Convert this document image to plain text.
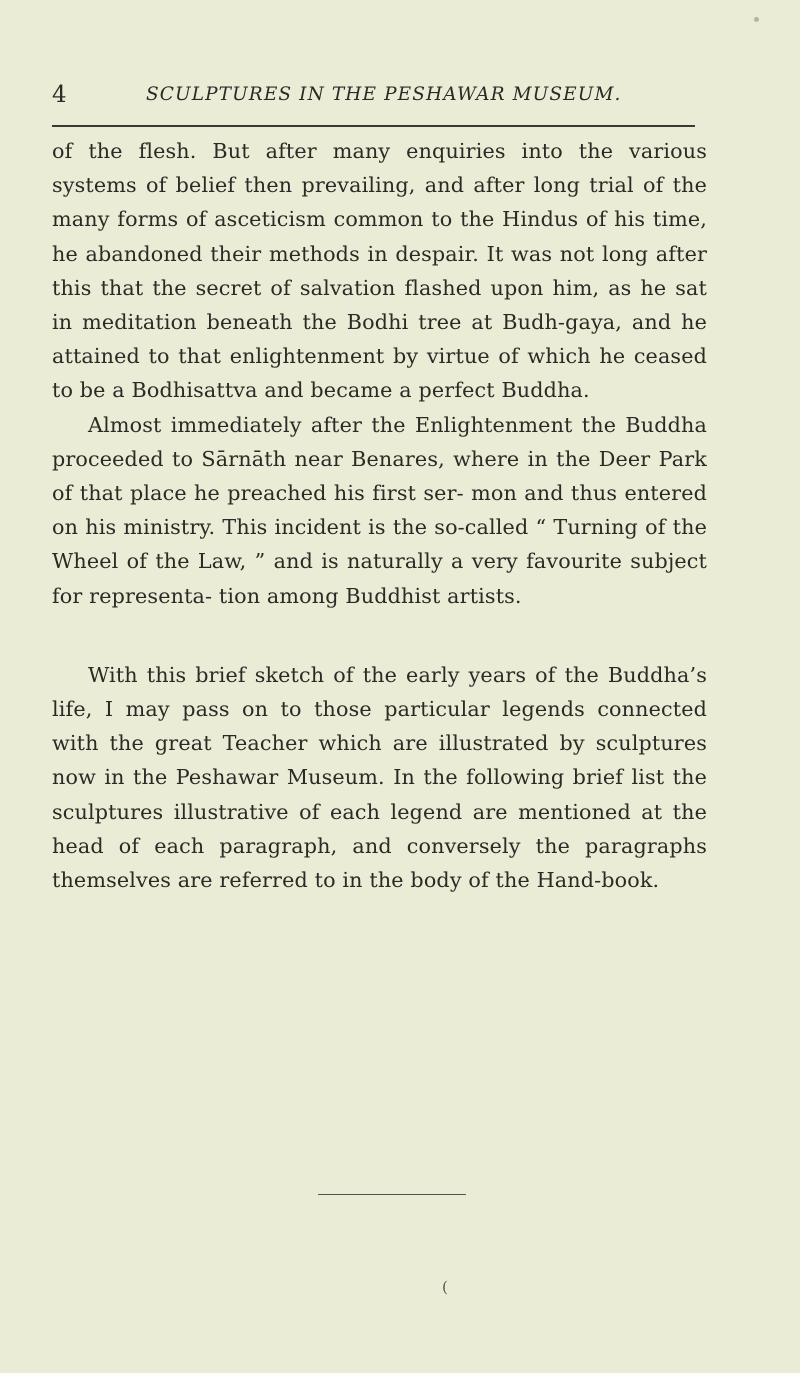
4	SCULPTURES IN THE PESHAWAR MUSEUM.

of the flesh. But after many enquiries into the various systems of belief then prevailing, and after long trial of the many forms of asceticism common to the Hindus of his time, he abandoned their methods in despair. It was not long after this that the secret of salvation flashed upon him, as he sat in meditation beneath the Bodhi tree at Budh-gaya, and he attained to that enlightenment by virtue of which he ceased to be a Bodhisattva and became a perfect Buddha.

Almost immediately after the Enlightenment the Buddha proceeded to Sārnāth near Benares, where in the Deer Park of that place he preached his first ser- mon and thus entered on his ministry. This incident is the so-called “ Turning of the Wheel of the Law, ” and is naturally a very favourite subject for representa- tion among Buddhist artists.

With this brief sketch of the early years of the Buddha’s life, I may pass on to those particular legends connected with the great Teacher which are illustrated by sculptures now in the Peshawar Museum. In the following brief list the sculptures illustrative of each legend are mentioned at the head of each paragraph, and conversely the paragraphs themselves are referred to in the body of the Hand-book.

(
